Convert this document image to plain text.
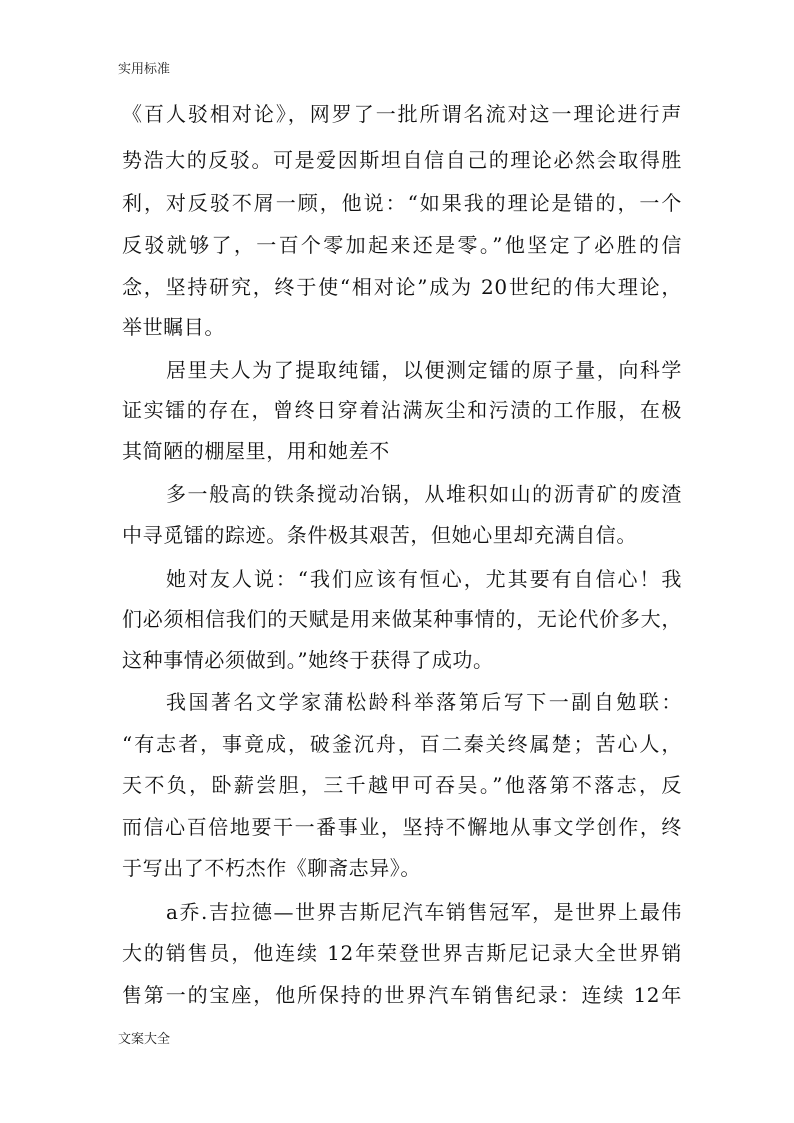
实用标准
《百人驳相对论》，网罗了一批所谓名流对这一理论进行声
势浩大的反驳。可是爱因斯坦自信自己的理论必然会取得胜
利，对反驳不屑一顾，他说：“如果我的理论是错的，一个
反驳就够了，一百个零加起来还是零。”他坚定了必胜的信
念，坚持研究，终于使“相对论”成为 20世纪的伟大理论，
举世瞩目。
居里夫人为了提取纯镭，以便测定镭的原子量，向科学
证实镭的存在，曾终日穿着沾满灰尘和污渍的工作服，在极
其简陋的棚屋里，用和她差不
多一般高的铁条搅动冶锅，从堆积如山的沥青矿的废渣
中寻觅镭的踪迹。条件极其艰苦，但她心里却充满自信。
她对友人说：“我们应该有恒心，尤其要有自信心！我
们必须相信我们的天赋是用来做某种事情的，无论代价多大，
这种事情必须做到。”她终于获得了成功。
我国著名文学家蒲松龄科举落第后写下一副自勉联：
“有志者，事竟成，破釜沉舟，百二秦关终属楚；苦心人，
天不负，卧薪尝胆，三千越甲可吞吴。”他落第不落志，反
而信心百倍地要干一番事业，坚持不懈地从事文学创作，终
于写出了不朽杰作《聊斋志异》。
a乔.吉拉德—世界吉斯尼汽车销售冠军，是世界上最伟
大的销售员，他连续 12年荣登世界吉斯尼记录大全世界销
售第一的宝座，他所保持的世界汽车销售纪录：连续 12年
文案大全
